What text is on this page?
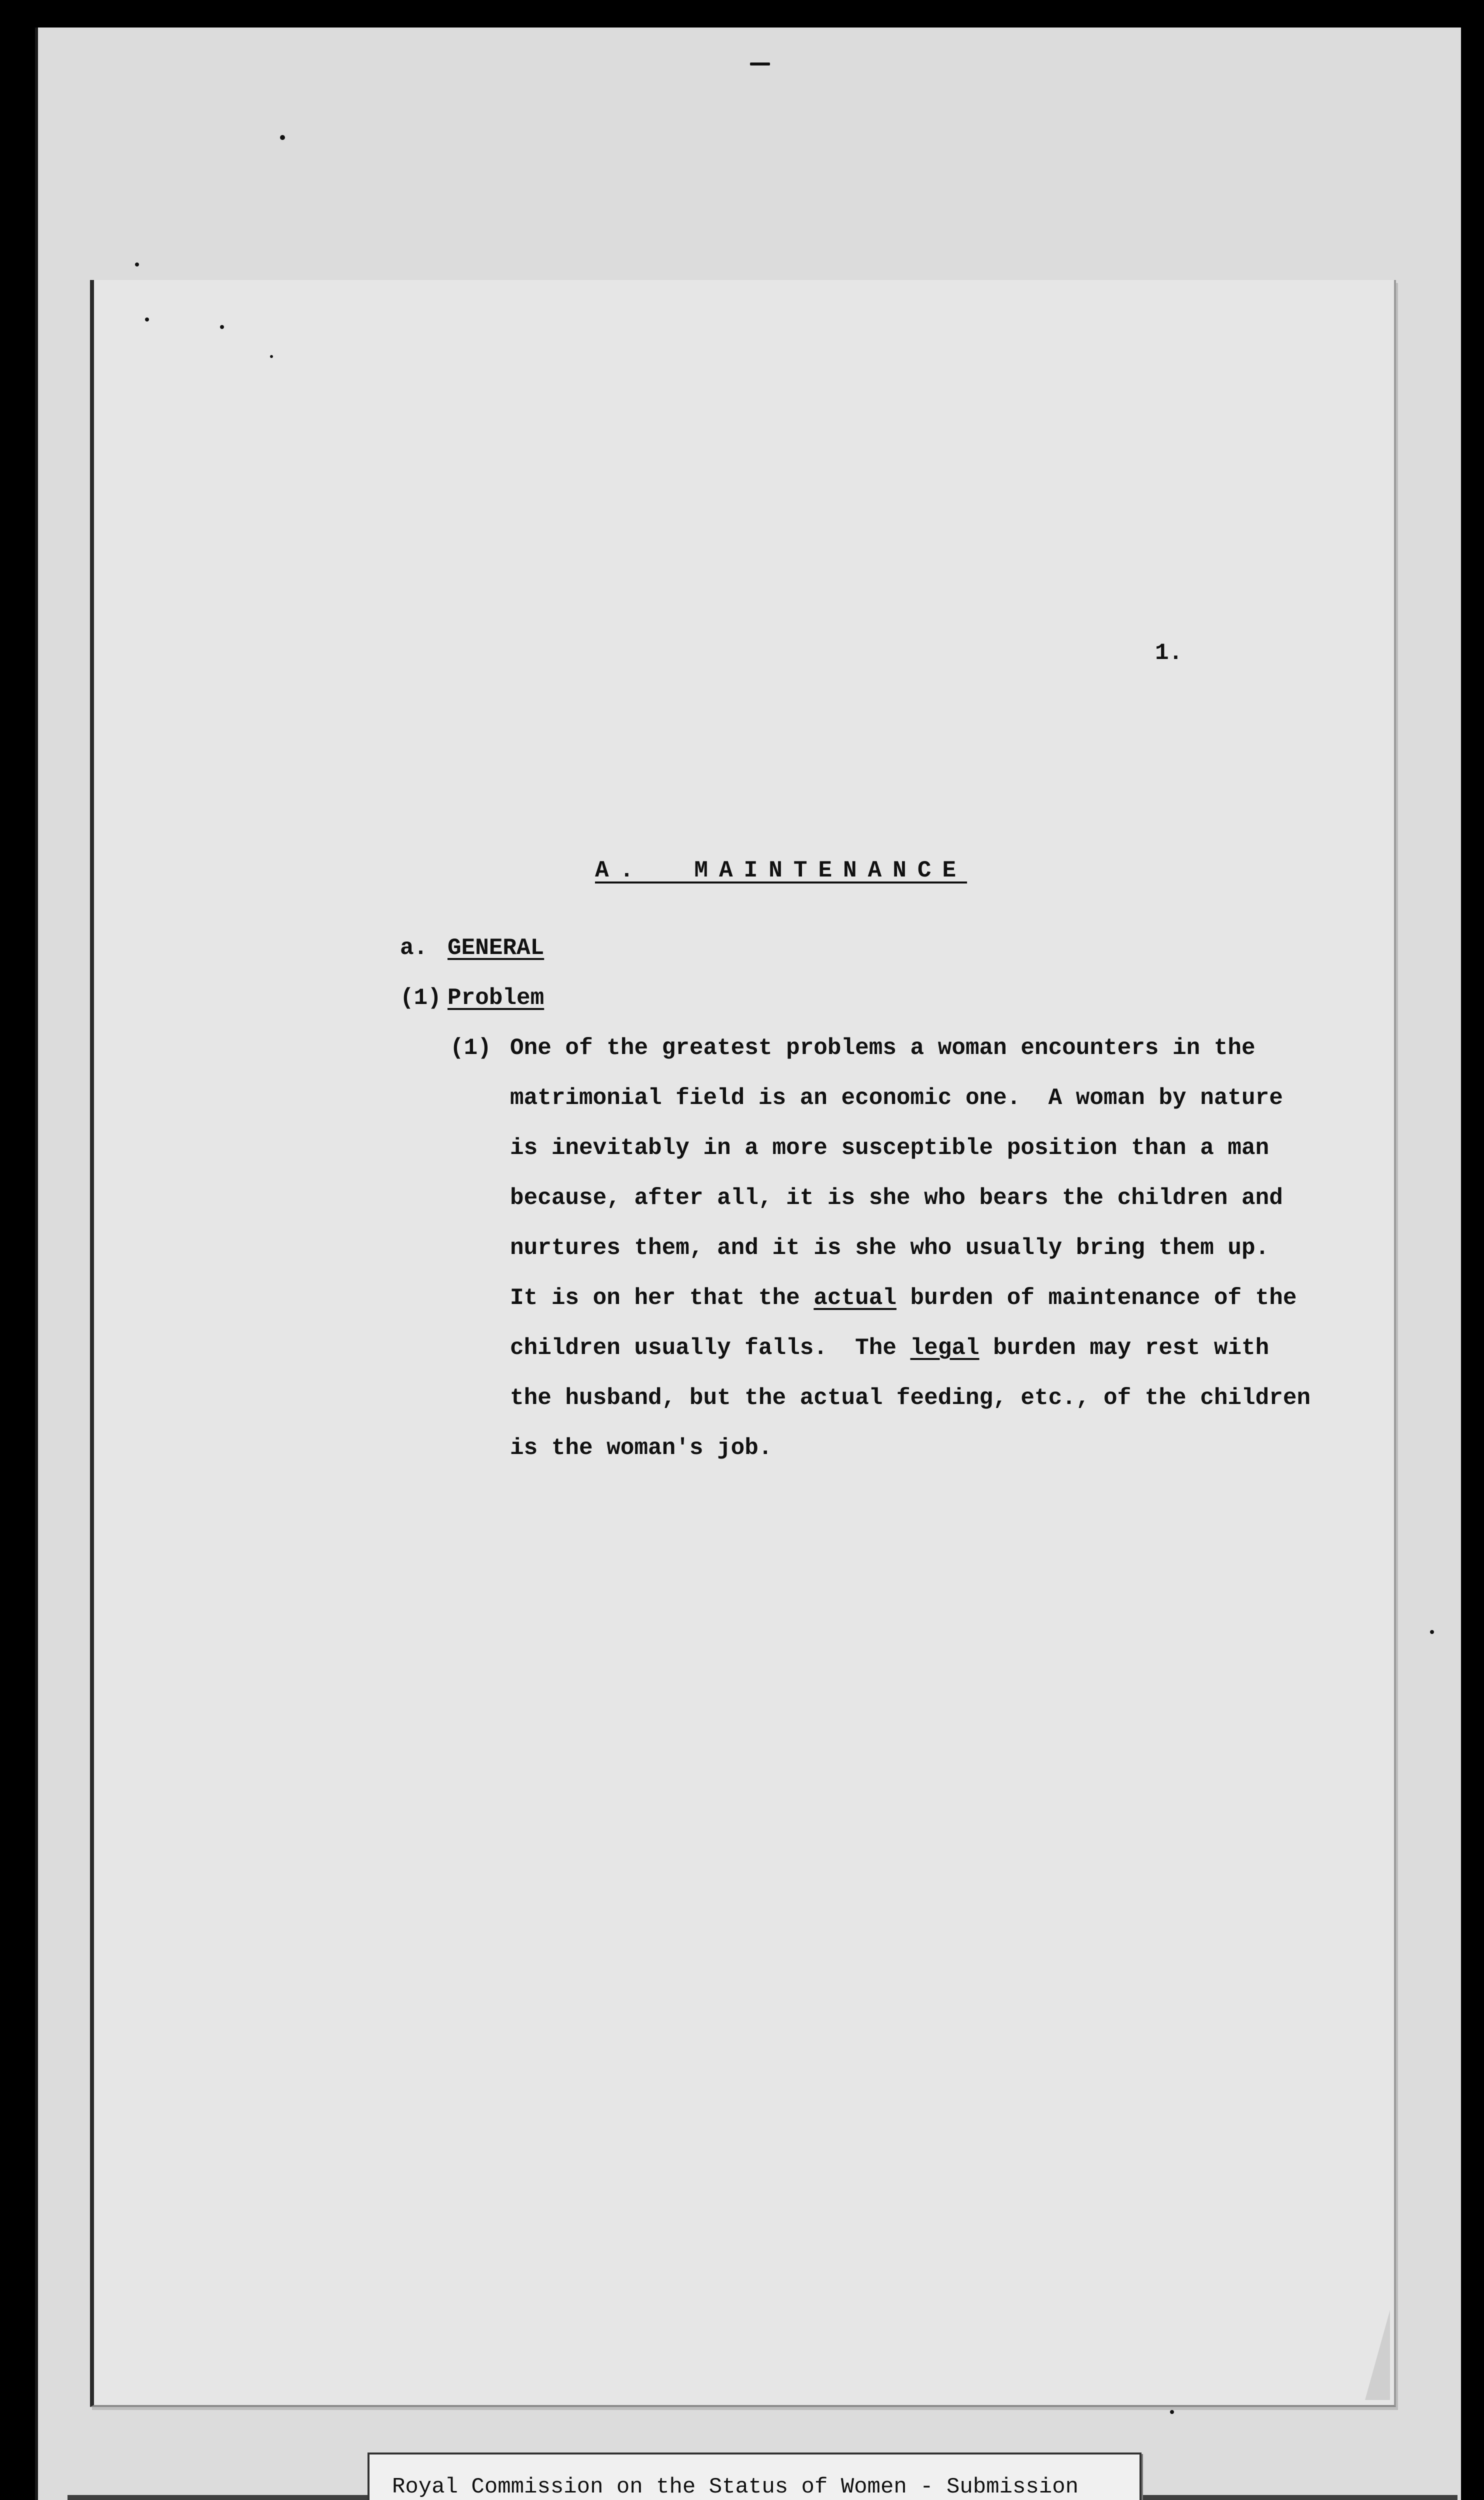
1.
A.  MAINTENANCE
a. GENERAL
(1) Problem
(1) One of the greatest problems a woman encounters in the
matrimonial field is an economic one.  A woman by nature
is inevitably in a more susceptible position than a man
because, after all, it is she who bears the children and
nurtures them, and it is she who usually bring them up.
It is on her that the actual burden of maintenance of the
children usually falls.  The legal burden may rest with
the husband, but the actual feeding, etc., of the children
is the woman's job.
Royal Commission on the Status of Women - Submission
